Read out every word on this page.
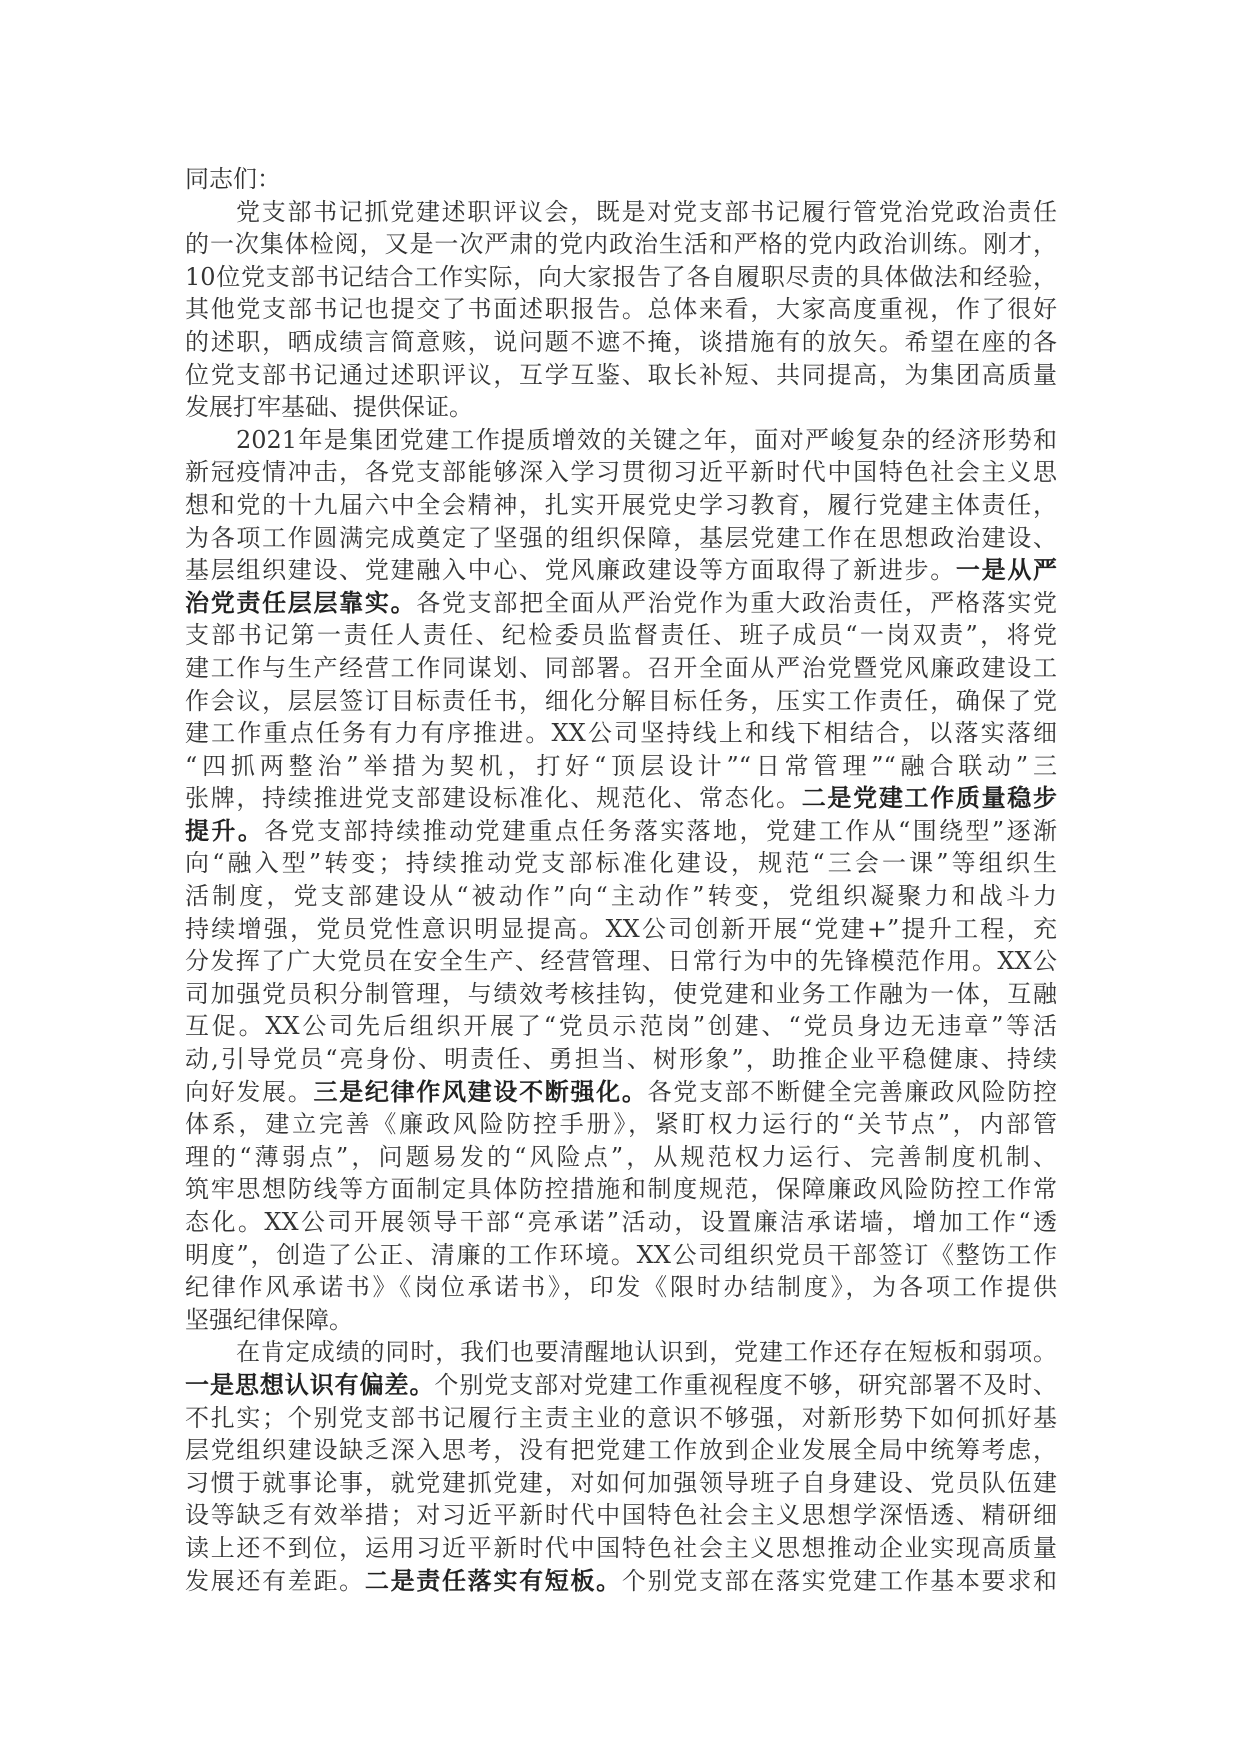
同志们：
党支部书记抓党建述职评议会，既是对党支部书记履行管党治党政治责任
的一次集体检阅，又是一次严肃的党内政治生活和严格的党内政治训练。刚才，
10位党支部书记结合工作实际，向大家报告了各自履职尽责的具体做法和经验，
其他党支部书记也提交了书面述职报告。总体来看，大家高度重视，作了很好
的述职，晒成绩言简意赅，说问题不遮不掩，谈措施有的放矢。希望在座的各
位党支部书记通过述职评议，互学互鉴、取长补短、共同提高，为集团高质量
发展打牢基础、提供保证。
2021年是集团党建工作提质增效的关键之年，面对严峻复杂的经济形势和
新冠疫情冲击，各党支部能够深入学习贯彻习近平新时代中国特色社会主义思
想和党的十九届六中全会精神，扎实开展党史学习教育，履行党建主体责任，
为各项工作圆满完成奠定了坚强的组织保障，基层党建工作在思想政治建设、
基层组织建设、党建融入中心、党风廉政建设等方面取得了新进步。一是从严
治党责任层层靠实。各党支部把全面从严治党作为重大政治责任，严格落实党
支部书记第一责任人责任、纪检委员监督责任、班子成员“一岗双责”，将党
建工作与生产经营工作同谋划、同部署。召开全面从严治党暨党风廉政建设工
作会议，层层签订目标责任书，细化分解目标任务，压实工作责任，确保了党
建工作重点任务有力有序推进。XX公司坚持线上和线下相结合，以落实落细
“四抓两整治”举措为契机，打好“顶层设计”“日常管理”“融合联动”三
张牌，持续推进党支部建设标准化、规范化、常态化。二是党建工作质量稳步
提升。各党支部持续推动党建重点任务落实落地，党建工作从“围绕型”逐渐
向“融入型”转变；持续推动党支部标准化建设，规范“三会一课”等组织生
活制度，党支部建设从“被动作”向“主动作”转变，党组织凝聚力和战斗力
持续增强，党员党性意识明显提高。XX公司创新开展“党建+”提升工程，充
分发挥了广大党员在安全生产、经营管理、日常行为中的先锋模范作用。XX公
司加强党员积分制管理，与绩效考核挂钩，使党建和业务工作融为一体，互融
互促。XX公司先后组织开展了“党员示范岗”创建、“党员身边无违章”等活
动,引导党员“亮身份、明责任、勇担当、树形象”，助推企业平稳健康、持续
向好发展。三是纪律作风建设不断强化。各党支部不断健全完善廉政风险防控
体系，建立完善《廉政风险防控手册》，紧盯权力运行的“关节点”，内部管
理的“薄弱点”，问题易发的“风险点”，从规范权力运行、完善制度机制、
筑牢思想防线等方面制定具体防控措施和制度规范，保障廉政风险防控工作常
态化。XX公司开展领导干部“亮承诺”活动，设置廉洁承诺墙，增加工作“透
明度”，创造了公正、清廉的工作环境。XX公司组织党员干部签订《整饬工作
纪律作风承诺书》《岗位承诺书》，印发《限时办结制度》，为各项工作提供
坚强纪律保障。
在肯定成绩的同时，我们也要清醒地认识到，党建工作还存在短板和弱项。
一是思想认识有偏差。个别党支部对党建工作重视程度不够，研究部署不及时、
不扎实；个别党支部书记履行主责主业的意识不够强，对新形势下如何抓好基
层党组织建设缺乏深入思考，没有把党建工作放到企业发展全局中统筹考虑，
习惯于就事论事，就党建抓党建，对如何加强领导班子自身建设、党员队伍建
设等缺乏有效举措；对习近平新时代中国特色社会主义思想学深悟透、精研细
读上还不到位，运用习近平新时代中国特色社会主义思想推动企业实现高质量
发展还有差距。二是责任落实有短板。个别党支部在落实党建工作基本要求和
